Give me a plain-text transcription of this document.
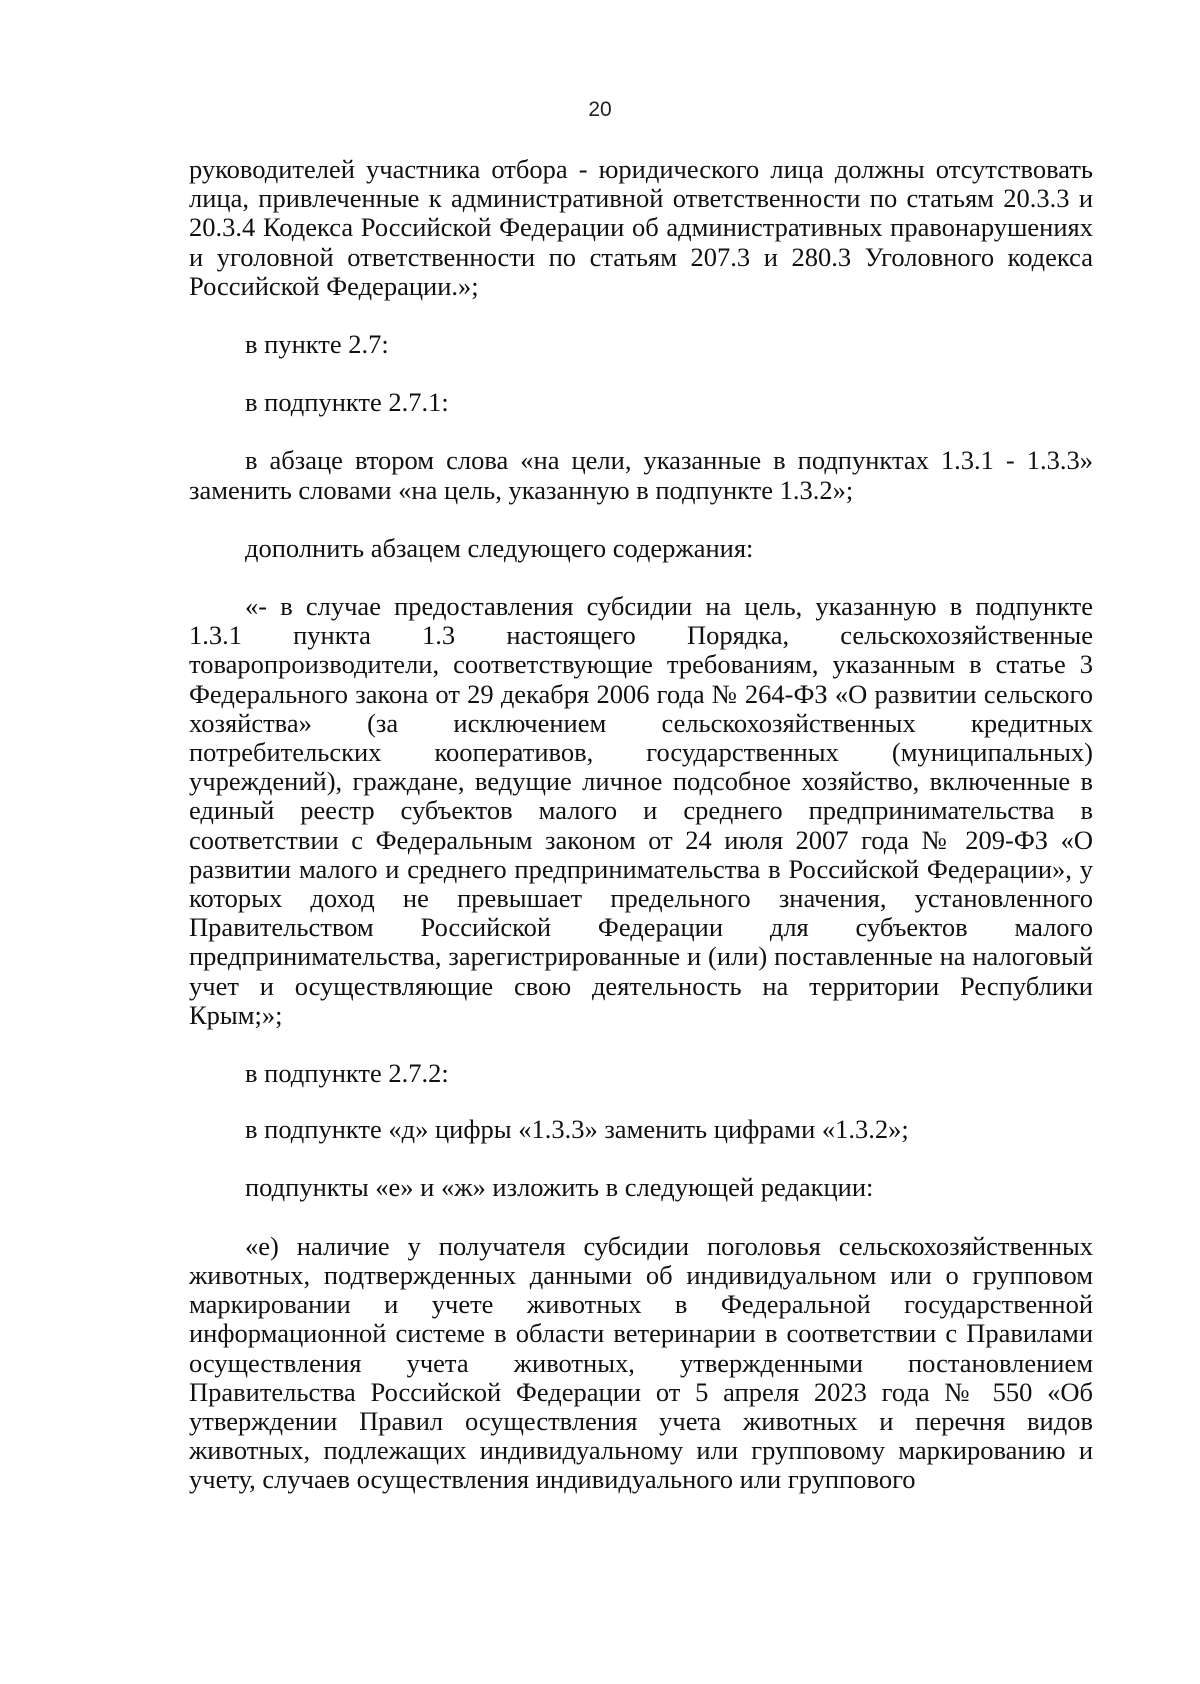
20

руководителей участника отбора - юридического лица должны отсутствовать лица, привлеченные к административной ответственности по статьям 20.3.3 и 20.3.4 Кодекса Российской Федерации об административных правонарушениях и уголовной ответственности по статьям 207.3 и 280.3 Уголовного кодекса Российской Федерации.»;

в пункте 2.7:

в подпункте 2.7.1:

в абзаце втором слова «на цели, указанные в подпунктах 1.3.1 - 1.3.3» заменить словами «на цель, указанную в подпункте 1.3.2»;

дополнить абзацем следующего содержания:

«- в случае предоставления субсидии на цель, указанную в подпункте 1.3.1 пункта 1.3 настоящего Порядка, сельскохозяйственные товаропроизводители, соответствующие требованиям, указанным в статье 3 Федерального закона от 29 декабря 2006 года № 264-ФЗ «О развитии сельского хозяйства» (за исключением сельскохозяйственных кредитных потребительских кооперативов, государственных (муниципальных) учреждений), граждане, ведущие личное подсобное хозяйство, включенные в единый реестр субъектов малого и среднего предпринимательства в соответствии с Федеральным законом от 24 июля 2007 года № 209-ФЗ «О развитии малого и среднего предпринимательства в Российской Федерации», у которых доход не превышает предельного значения, установленного Правительством Российской Федерации для субъектов малого предпринимательства, зарегистрированные и (или) поставленные на налоговый учет и осуществляющие свою деятельность на территории Республики Крым;»;

в подпункте 2.7.2:

в подпункте «д» цифры «1.3.3» заменить цифрами «1.3.2»;

подпункты «е» и «ж» изложить в следующей редакции:

«е) наличие у получателя субсидии поголовья сельскохозяйственных животных, подтвержденных данными об индивидуальном или о групповом маркировании и учете животных в Федеральной государственной информационной системе в области ветеринарии в соответствии с Правилами осуществления учета животных, утвержденными постановлением Правительства Российской Федерации от 5 апреля 2023 года № 550 «Об утверждении Правил осуществления учета животных и перечня видов животных, подлежащих индивидуальному или групповому маркированию и учету, случаев осуществления индивидуального или группового
